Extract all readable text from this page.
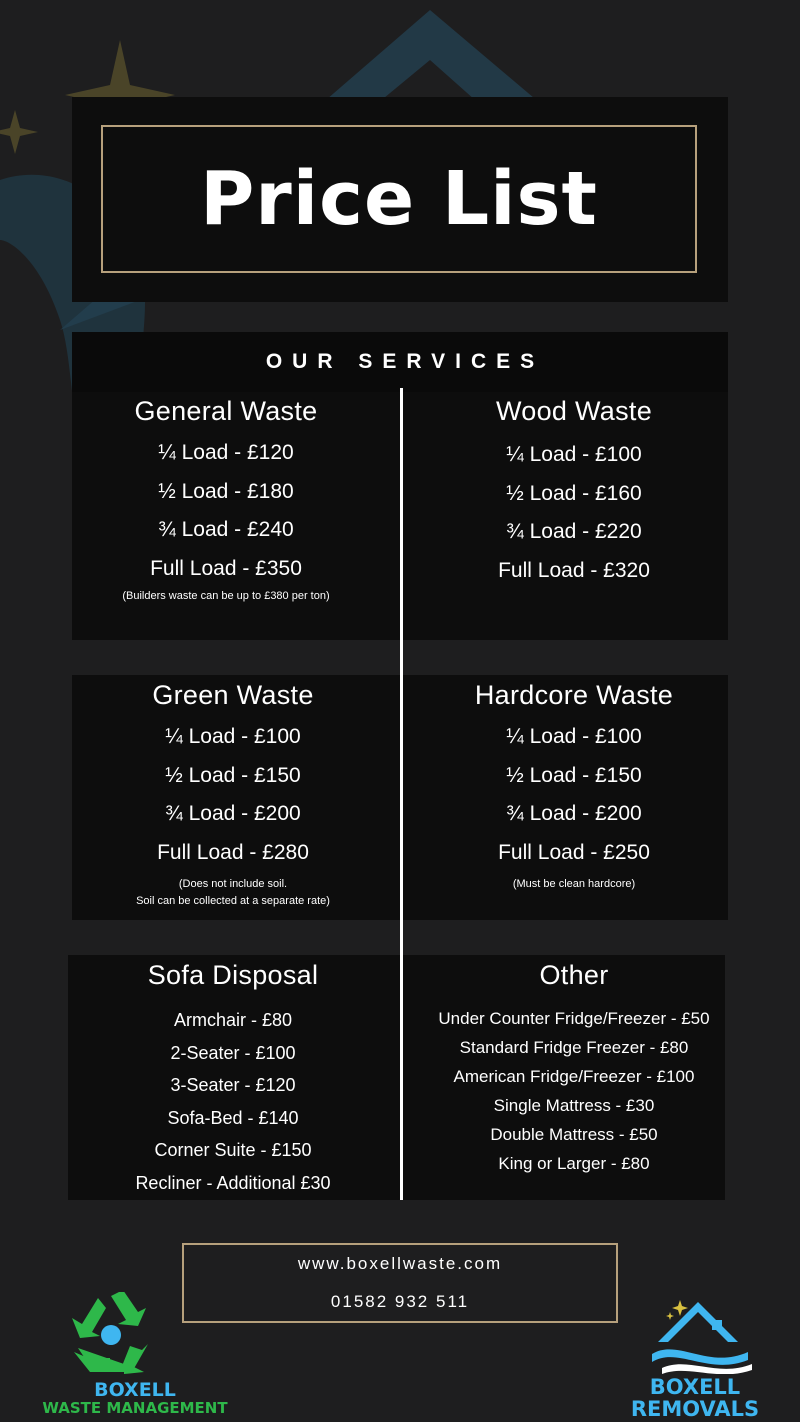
Price List
OUR SERVICES
General Waste
¼ Load - £120
½ Load - £180
¾ Load - £240
Full Load - £350
(Builders waste can be up to £380 per ton)
Wood Waste
¼ Load - £100
½ Load - £160
¾ Load - £220
Full Load - £320
Green Waste
¼ Load - £100
½ Load - £150
¾ Load - £200
Full Load - £280
(Does not include soil.
Soil can be collected at a separate rate)
Hardcore Waste
¼ Load - £100
½ Load - £150
¾ Load - £200
Full Load - £250
(Must be clean hardcore)
Sofa Disposal
Armchair - £80
2-Seater - £100
3-Seater - £120
Sofa-Bed - £140
Corner Suite - £150
Recliner - Additional £30
Other
Under Counter Fridge/Freezer - £50
Standard Fridge Freezer - £80
American Fridge/Freezer - £100
Single Mattress - £30
Double Mattress - £50
King or Larger - £80
www.boxellwaste.com
01582 932 511
BOXELL
WASTE MANAGEMENT
BOXELL
REMOVALS
